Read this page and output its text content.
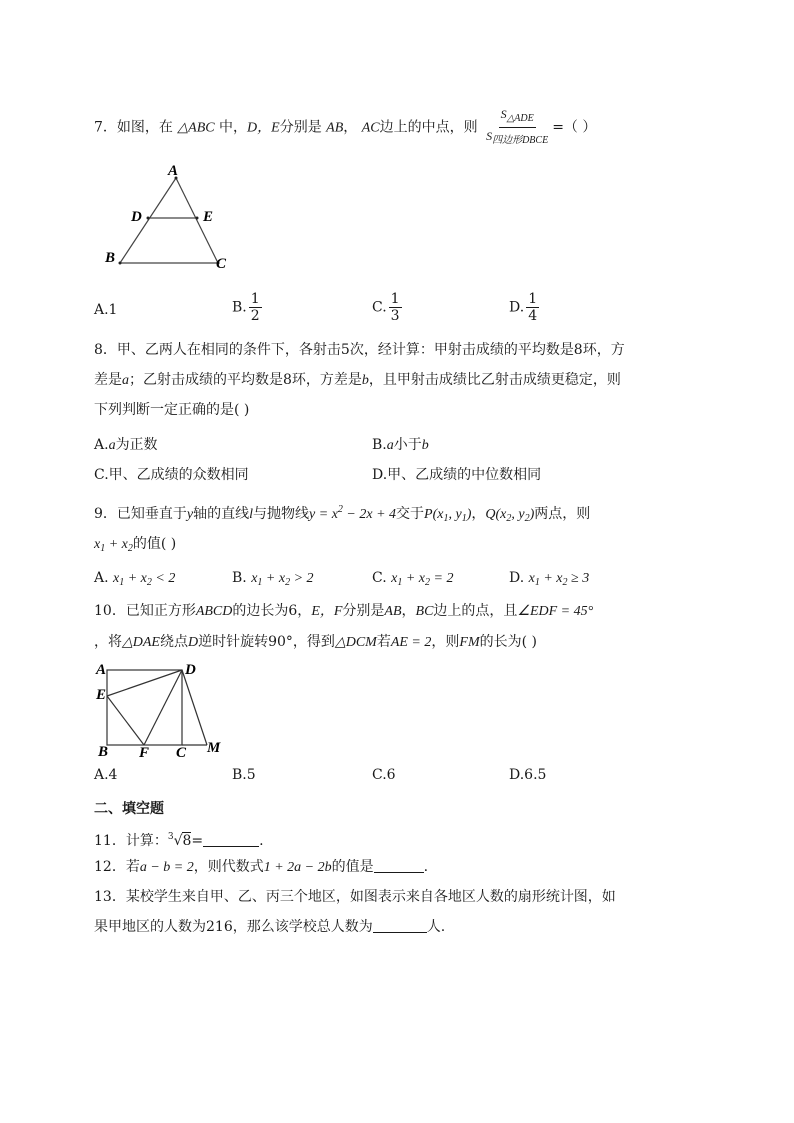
7．如图，在 △ABC 中，D，E分别是 AB， AC边上的中点，则 $\frac{S_{\triangle ADE}}{S_{四边形DBCE}}$ =（ ）
A
D	E
B	C
A.1	B. $\frac{1}{2}$	C. $\frac{1}{3}$	D. $\frac{1}{4}$
8．甲、乙两人在相同的条件下，各射击5次，经计算：甲射击成绩的平均数是8环，方
差是a；乙射击成绩的平均数是8环，方差是b，且甲射击成绩比乙射击成绩更稳定，则
下列判断一定正确的是( )
A.a为正数	B.a小于b
C.甲、乙成绩的众数相同	D.甲、乙成绩的中位数相同
9．已知垂直于y轴的直线l与抛物线$y = x^2 - 2x + 4$交于$P(x_1$, $y_1$)，$Q(x_2$, $y_2$)两点，则
$x_1 + x_2$的值( )
A. $x_1 + x_2 < 2$	B. $x_1 + x_2 > 2$	C. $x_1 + x_2 = 2$	D. $x_1 + x_2 \ge 3$
10．已知正方形ABCD的边长为6，E，F分别是AB，BC边上的点，且∠EDF = 45°
，将△DAE绕点D逆时针旋转90°，得到△DCM若AE = 2，则FM的长为( )
A	D
E
B F C M
A.4	B.5	C.6	D.6.5
二、填空题
11．计算：$^3$√8=	.
12．若a − b = 2，则代数式1 + 2a − 2b的值是	.
13．某校学生来自甲、乙、丙三个地区，如图表示来自各地区人数的扇形统计图，如
果甲地区的人数为216，那么该学校总人数为	人.
